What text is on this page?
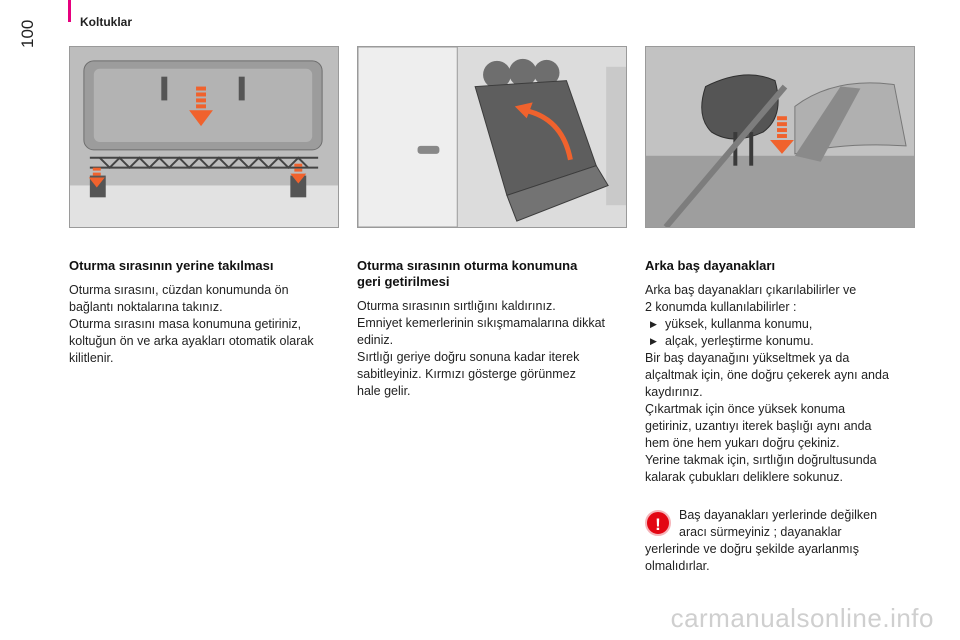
Koltuklar
100
Oturma sırasının yerine takılması

Oturma sırasını, cüzdan konumunda ön
bağlantı noktalarına takınız.
Oturma sırasını masa konumuna getiriniz,
koltuğun ön ve arka ayakları otomatik olarak
kilitlenir.

Oturma sırasının oturma konumuna
geri getirilmesi

Oturma sırasının sırtlığını kaldırınız.
Emniyet kemerlerinin sıkışmamalarına dikkat
ediniz.
Sırtlığı geriye doğru sonuna kadar iterek
sabitleyiniz. Kırmızı gösterge görünmez
hale gelir.

Arka baş dayanakları

Arka baş dayanakları çıkarılabilirler ve
2 konumda kullanılabilirler :

▶ yüksek, kullanma konumu,
▶ alçak, yerleştirme konumu.

Bir baş dayanağını yükseltmek ya da
alçaltmak için, öne doğru çekerek aynı anda
kaydırınız.
Çıkartmak için önce yüksek konuma
getiriniz, uzantıyı iterek başlığı aynı anda
hem öne hem yukarı doğru çekiniz.
Yerine takmak için, sırtlığın doğrultusunda
kalarak çubukları deliklere sokunuz.

!	Baş dayanakları yerlerinde değilken
aracı sürmeyiniz ; dayanaklar
yerlerinde ve doğru şekilde ayarlanmış
olmalıdırlar.
carmanualsonline.info
